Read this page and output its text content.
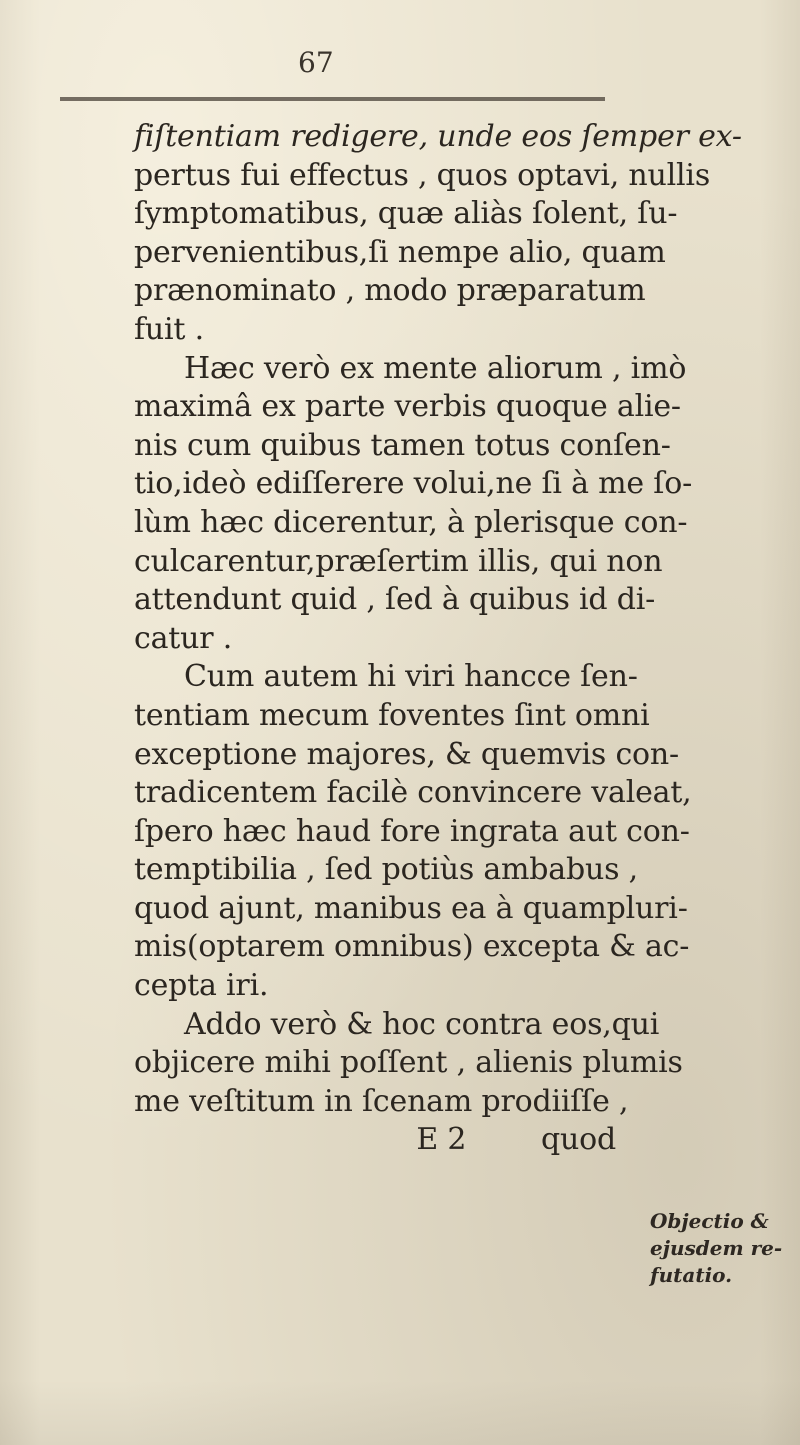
67
fiſtentiam redigere, unde eos ſemper ex-
pertus fui effectus , quos optavi, nullis
ſymptomatibus, quæ aliàs ſolent, ſu-
pervenientibus,ſi nempe alio, quam
prænominato , modo præparatum
fuit .
Hæc verò ex mente aliorum , imò
maximâ ex parte verbis quoque alie-
nis cum quibus tamen totus conſen-
tio,ideò ediſſerere volui,ne ſi à me ſo-
lùm hæc dicerentur, à plerisque con-
culcarentur,præſertim illis, qui non
attendunt quid , ſed à quibus id di-
catur .
Cum autem hi viri hancce ſen-
tentiam mecum foventes ſint omni
exceptione majores, & quemvis con-
tradicentem facilè convincere valeat,
ſpero hæc haud fore ingrata aut con-
temptibilia , ſed potiùs ambabus ,
quod ajunt, manibus ea à quampluri-
mis(optarem omnibus) excepta & ac-
cepta iri.
Addo verò & hoc contra eos,qui
objicere mihi poſſent , alienis plumis
me veſtitum in ſcenam prodiiſſe ,
E 2        quod
Objectio &
ejusdem re-
futatio.
